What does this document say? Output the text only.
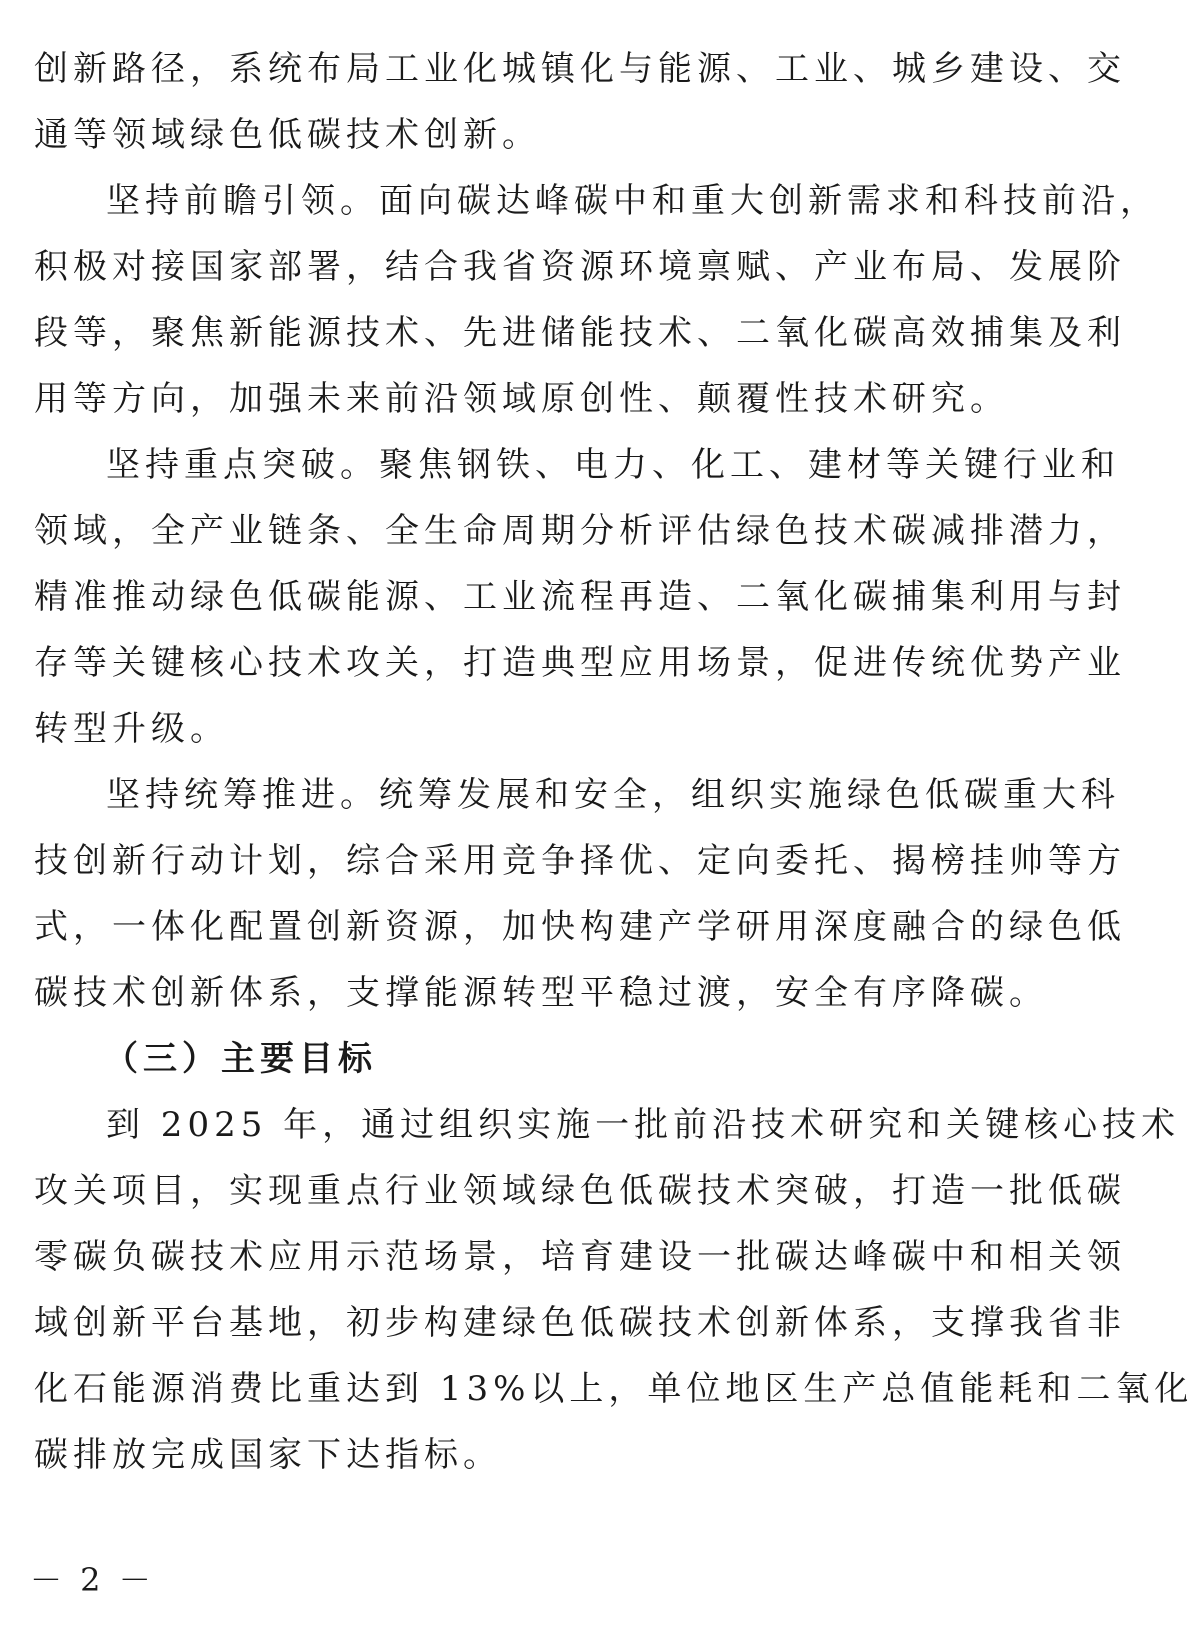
创新路径，系统布局工业化城镇化与能源、工业、城乡建设、交
通等领域绿色低碳技术创新。
坚持前瞻引领。面向碳达峰碳中和重大创新需求和科技前沿，
积极对接国家部署，结合我省资源环境禀赋、产业布局、发展阶
段等，聚焦新能源技术、先进储能技术、二氧化碳高效捕集及利
用等方向，加强未来前沿领域原创性、颠覆性技术研究。
坚持重点突破。聚焦钢铁、电力、化工、建材等关键行业和
领域，全产业链条、全生命周期分析评估绿色技术碳减排潜力，
精准推动绿色低碳能源、工业流程再造、二氧化碳捕集利用与封
存等关键核心技术攻关，打造典型应用场景，促进传统优势产业
转型升级。
坚持统筹推进。统筹发展和安全，组织实施绿色低碳重大科
技创新行动计划，综合采用竞争择优、定向委托、揭榜挂帅等方
式，一体化配置创新资源，加快构建产学研用深度融合的绿色低
碳技术创新体系，支撑能源转型平稳过渡，安全有序降碳。
（三）主要目标
到 2025 年，通过组织实施一批前沿技术研究和关键核心技术
攻关项目，实现重点行业领域绿色低碳技术突破，打造一批低碳
零碳负碳技术应用示范场景，培育建设一批碳达峰碳中和相关领
域创新平台基地，初步构建绿色低碳技术创新体系，支撑我省非
化石能源消费比重达到 13%以上，单位地区生产总值能耗和二氧化
碳排放完成国家下达指标。
－ 2 －
